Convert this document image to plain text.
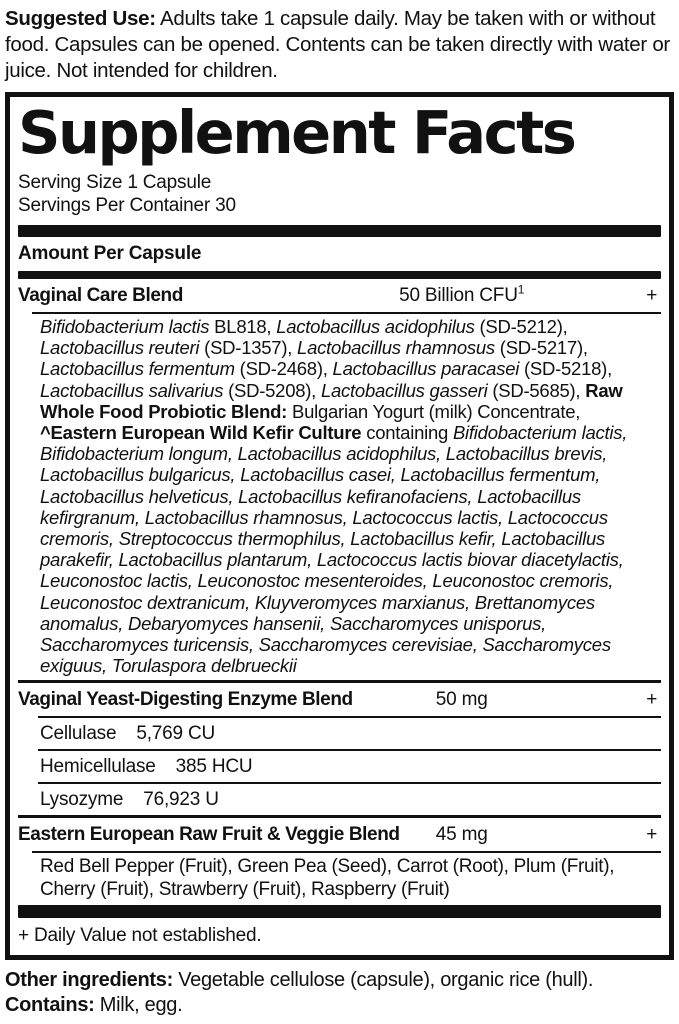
Suggested Use: Adults take 1 capsule daily. May be taken with or without food. Capsules can be opened. Contents can be taken directly with water or juice. Not intended for children.

Supplement Facts
Serving Size 1 Capsule
Servings Per Container 30
Amount Per Capsule
Vaginal Care Blend	50 Billion $CFU^1$	+

Bifidobacterium lactis BL818, Lactobacillus acidophilus (SD-5212), Lactobacillus reuteri (SD-1357), Lactobacillus rhamnosus (SD-5217), Lactobacillus fermentum (SD-2468), Lactobacillus paracasei (SD-5218), Lactobacillus salivarius (SD-5208), Lactobacillus gasseri (SD-5685), Raw Whole Food Probiotic Blend: Bulgarian Yogurt (milk) Concentrate, ^Eastern European Wild Kefir Culture containing Bifidobacterium lactis, Bifidobacterium longum, Lactobacillus acidophilus, Lactobacillus brevis, Lactobacillus bulgaricus, Lactobacillus casei, Lactobacillus fermentum, Lactobacillus helveticus, Lactobacillus kefiranofaciens, Lactobacillus kefirgranum, Lactobacillus rhamnosus, Lactococcus lactis, Lactococcus cremoris, Streptococcus thermophilus, Lactobacillus kefir, Lactobacillus parakefir, Lactobacillus plantarum, Lactococcus lactis biovar diacetylactis, Leuconostoc lactis, Leuconostoc mesenteroides, Leuconostoc cremoris, Leuconostoc dextranicum, Kluyveromyces marxianus, Brettanomyces anomalus, Debaryomyces hansenii, Saccharomyces unisporus, Saccharomyces turicensis, Saccharomyces cerevisiae, Saccharomyces exiguus, Torulaspora delbrueckii

Vaginal Yeast-Digesting Enzyme Blend	50 mg	+
Cellulase 5,769 CU
Hemicellulase 385 HCU
Lysozyme 76,923 U
Eastern European Raw Fruit & Veggie Blend 45 mg	+

Red Bell Pepper (Fruit), Green Pea (Seed), Carrot (Root), Plum (Fruit), Cherry (Fruit), Strawberry (Fruit), Raspberry (Fruit)

+ Daily Value not established.
Other ingredients: Vegetable cellulose (capsule), organic rice (hull).
Contains: Milk, egg.
